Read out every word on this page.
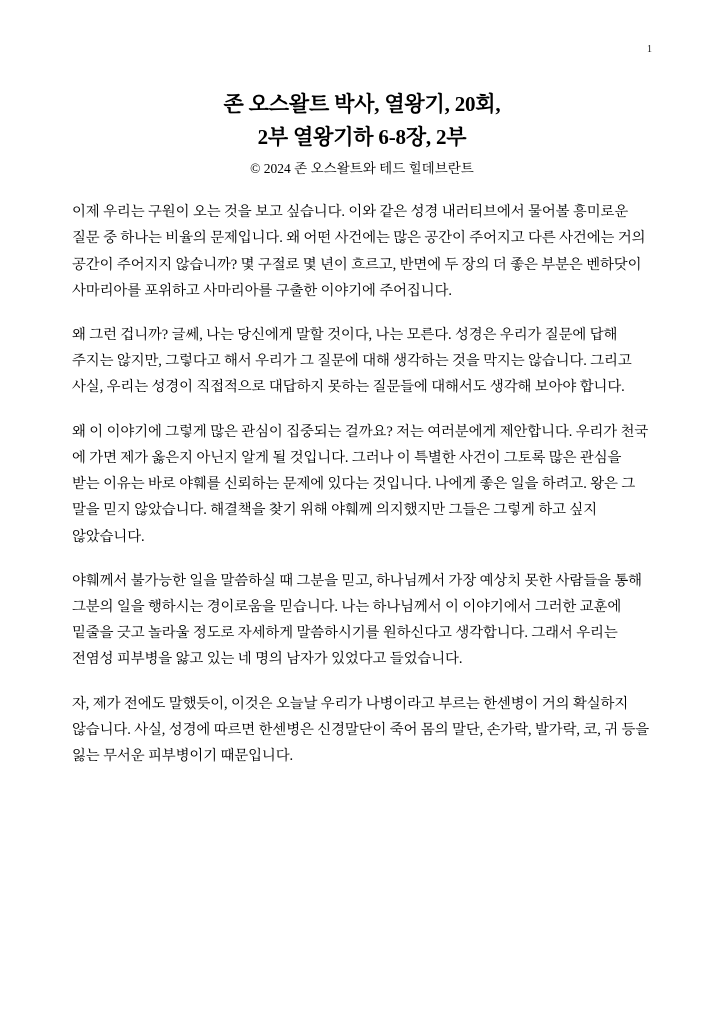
1
존 오스왈트 박사, 열왕기, 20회,
2부 열왕기하 6-8장, 2부
© 2024 존 오스왈트와 테드 힐데브란트

이제 우리는 구원이 오는 것을 보고 싶습니다. 이와 같은 성경 내러티브에서 물어볼 흥미로운 질문 중 하나는 비율의 문제입니다. 왜 어떤 사건에는 많은 공간이 주어지고 다른 사건에는 거의 공간이 주어지지 않습니까? 몇 구절로 몇 년이 흐르고, 반면에 두 장의 더 좋은 부분은 벤하닷이 사마리아를 포위하고 사마리아를 구출한 이야기에 주어집니다.

왜 그런 겁니까? 글쎄, 나는 당신에게 말할 것이다, 나는 모른다. 성경은 우리가 질문에 답해 주지는 않지만, 그렇다고 해서 우리가 그 질문에 대해 생각하는 것을 막지는 않습니다. 그리고 사실, 우리는 성경이 직접적으로 대답하지 못하는 질문들에 대해서도 생각해 보아야 합니다.

왜 이 이야기에 그렇게 많은 관심이 집중되는 걸까요? 저는 여러분에게 제안합니다. 우리가 천국 에 가면 제가 옳은지 아닌지 알게 될 것입니다. 그러나 이 특별한 사건이 그토록 많은 관심을 받는 이유는 바로 야훼를 신뢰하는 문제에 있다는 것입니다. 나에게 좋은 일을 하려고. 왕은 그 말을 믿지 않았습니다. 해결책을 찾기 위해 야훼께 의지했지만 그들은 그렇게 하고 싶지 않았습니다.

야훼께서 불가능한 일을 말씀하실 때 그분을 믿고, 하나님께서 가장 예상치 못한 사람들을 통해 그분의 일을 행하시는 경이로움을 믿습니다. 나는 하나님께서 이 이야기에서 그러한 교훈에 밑줄을 긋고 놀라울 정도로 자세하게 말씀하시기를 원하신다고 생각합니다. 그래서 우리는 전염성 피부병을 앓고 있는 네 명의 남자가 있었다고 들었습니다.

자, 제가 전에도 말했듯이, 이것은 오늘날 우리가 나병이라고 부르는 한센병이 거의 확실하지 않습니다. 사실, 성경에 따르면 한센병은 신경말단이 죽어 몸의 말단, 손가락, 발가락, 코, 귀 등을 잃는 무서운 피부병이기 때문입니다.
